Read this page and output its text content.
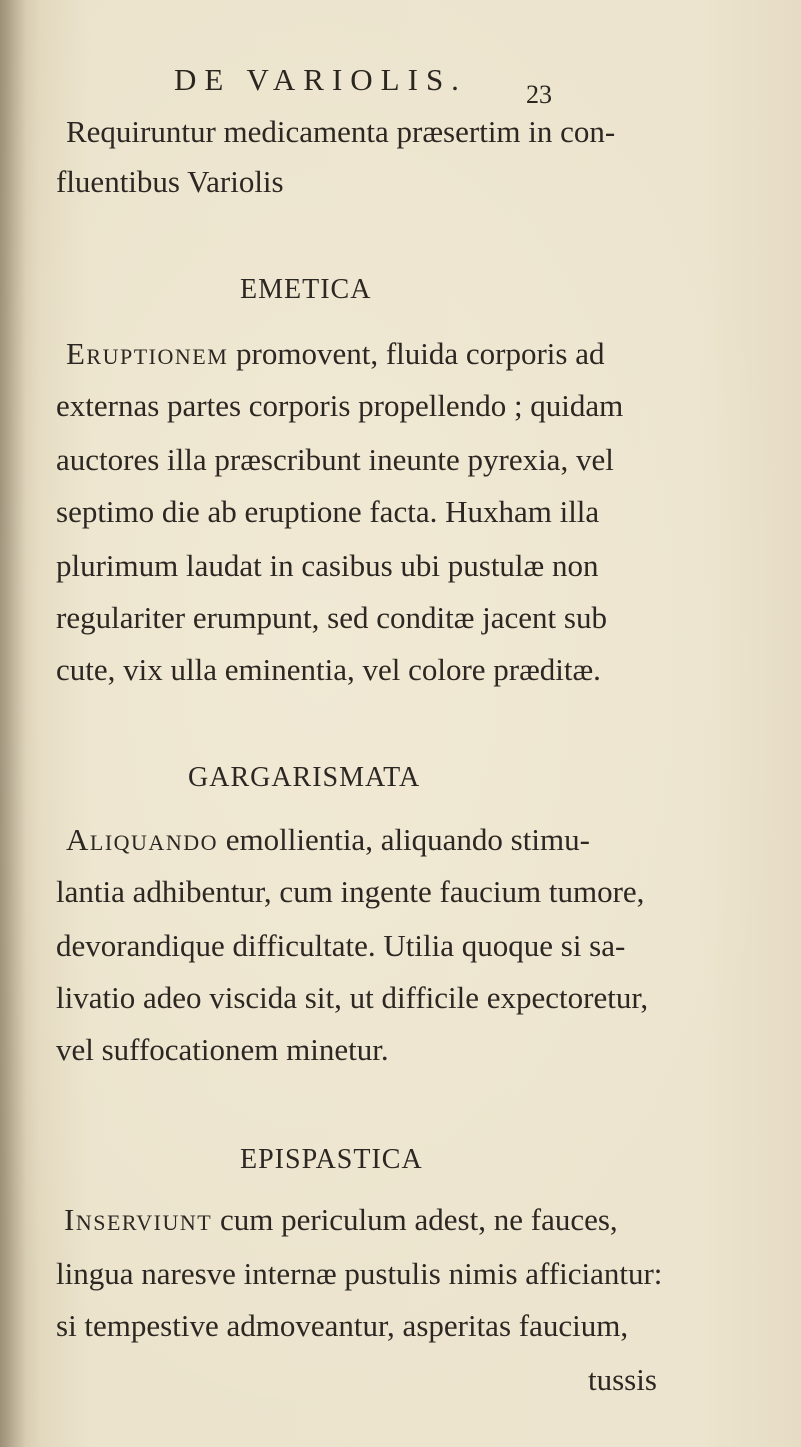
DE VARIOLIS. 23
Requiruntur medicamenta præsertim in con-
fluentibus Variolis
EMETICA
Eruptionem promovent, fluida corporis ad
externas partes corporis propellendo ; quidam
auctores illa præscribunt ineunte pyrexia, vel
septimo die ab eruptione facta. Huxham illa
plurimum laudat in casibus ubi pustulæ non
regulariter erumpunt, sed conditæ jacent sub
cute, vix ulla eminentia, vel colore præditæ.
GARGARISMATA
Aliquando emollientia, aliquando stimu-
lantia adhibentur, cum ingente faucium tumore,
devorandique difficultate. Utilia quoque si sa-
livatio adeo viscida sit, ut difficile expectoretur,
vel suffocationem minetur.
EPISPASTICA
Inserviunt cum periculum adest, ne fauces,
lingua naresve internæ pustulis nimis afficiantur:
si tempestive admoveantur, asperitas faucium,
tussis
